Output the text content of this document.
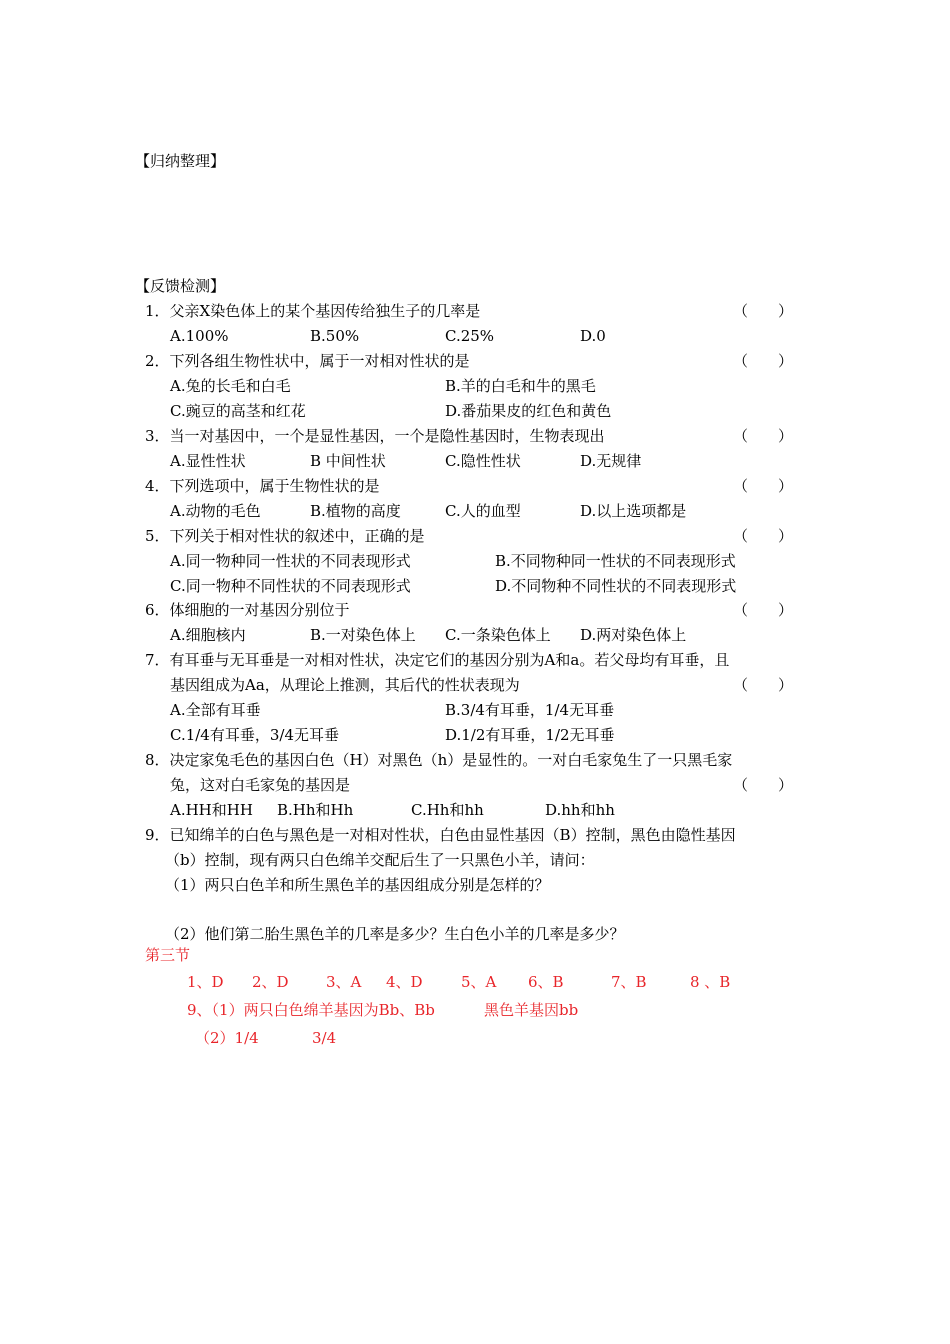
【归纳整理】
【反馈检测】
1．父亲X染色体上的某个基因传给独生子的几率是	（　　）
A.100%	B.50%	C.25%	D.0
2．下列各组生物性状中，属于一对相对性状的是	（　　）
A.兔的长毛和白毛	B.羊的白毛和牛的黑毛
C.豌豆的高茎和红花	D.番茄果皮的红色和黄色
3．当一对基因中，一个是显性基因，一个是隐性基因时，生物表现出	（　　）
A.显性性状	B 中间性状	C.隐性性状	D.无规律
4．下列选项中，属于生物性状的是	（　　）
A.动物的毛色	B.植物的高度	C.人的血型	D.以上选项都是
5．下列关于相对性状的叙述中，正确的是	（　　）
A.同一物种同一性状的不同表现形式	B.不同物种同一性状的不同表现形式
C.同一物种不同性状的不同表现形式	D.不同物种不同性状的不同表现形式
6．体细胞的一对基因分别位于	（　　）
A.细胞核内	B.一对染色体上 C.一条染色体上 D.两对染色体上
7．有耳垂与无耳垂是一对相对性状，决定它们的基因分别为A和a。若父母均有耳垂，且
基因组成为Aa，从理论上推测，其后代的性状表现为	（　　）
A.全部有耳垂	B.3/4有耳垂，1/4无耳垂
C.1/4有耳垂，3/4无耳垂	D.1/2有耳垂，1/2无耳垂
8．决定家兔毛色的基因白色（H）对黑色（h）是显性的。一对白毛家兔生了一只黑毛家
兔，这对白毛家兔的基因是	（　　）
A.HH和HH B.Hh和Hh	C.Hh和hh	D.hh和hh
9．已知绵羊的白色与黑色是一对相对性状，白色由显性基因（B）控制，黑色由隐性基因
（b）控制，现有两只白色绵羊交配后生了一只黑色小羊，请问：
（1）两只白色羊和所生黑色羊的基因组成分别是怎样的？
（2）他们第二胎生黑色羊的几率是多少？生白色小羊的几率是多少？
第三节
1、D 2、D 3、A 4、D	5、A 6、B	7、B	8 、B
9、（1）两只白色绵羊基因为Bb、Bb	黑色羊基因bb
（2）1/4	3/4
